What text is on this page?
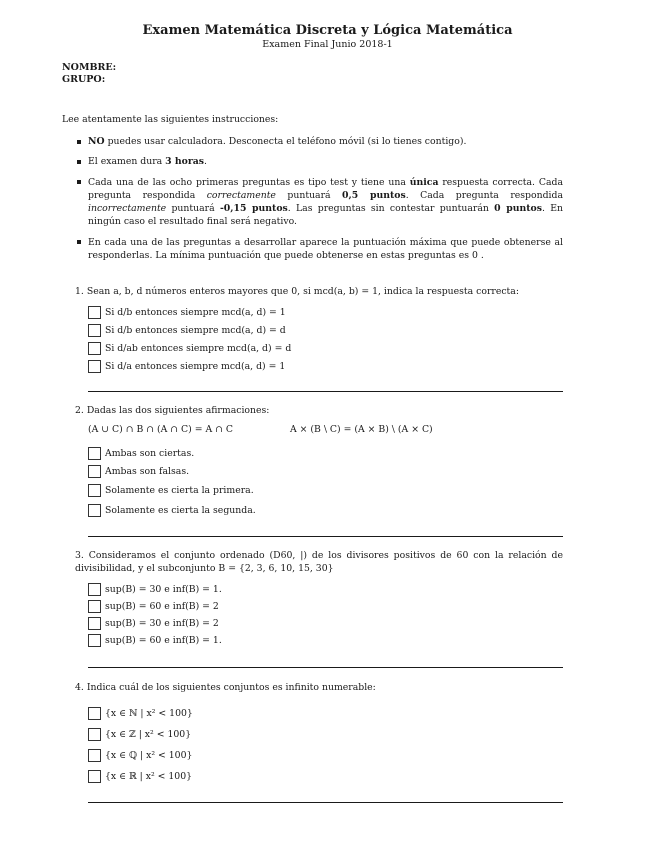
Examen Matemática Discreta y Lógica Matemática
Examen Final Junio 2018-1
NOMBRE:
GRUPO:
Lee atentamente las siguientes instrucciones:
NO puedes usar calculadora. Desconecta el teléfono móvil (si lo tienes contigo).
El examen dura 3 horas.
Cada una de las ocho primeras preguntas es tipo test y tiene una única respuesta correcta. Cada pregunta respondida correctamente puntuará 0,5 puntos. Cada pregunta respondida incorrectamente puntuará -0,15 puntos. Las preguntas sin contestar puntuarán 0 puntos. En ningún caso el resultado final será negativo.
En cada una de las preguntas a desarrollar aparece la puntuación máxima que puede obtenerse al responderlas. La mínima puntuación que puede obtenerse en estas preguntas es 0 .
1. Sean a, b, d números enteros mayores que 0, si mcd(a, b) = 1, indica la respuesta correcta:
Si d/b entonces siempre mcd(a, d) = 1
Si d/b entonces siempre mcd(a, d) = d
Si d/ab entonces siempre mcd(a, d) = d
Si d/a entonces siempre mcd(a, d) = 1
2. Dadas las dos siguientes afirmaciones:
(A ∪ C) ∩ B ∩ (A ∩ C) = A ∩ C	A × (B \ C) = (A × B) \ (A × C)
Ambas son ciertas.
Ambas son falsas.
Solamente es cierta la primera.
Solamente es cierta la segunda.
3. Consideramos el conjunto ordenado (D60, |) de los divisores positivos de 60 con la relación de divisibilidad, y el subconjunto B = {2, 3, 6, 10, 15, 30}
sup(B) = 30 e inf(B) = 1.
sup(B) = 60 e inf(B) = 2
sup(B) = 30 e inf(B) = 2
sup(B) = 60 e inf(B) = 1.
4. Indica cuál de los siguientes conjuntos es infinito numerable:
{x ∈ ℕ | x² < 100}
{x ∈ ℤ | x² < 100}
{x ∈ ℚ | x² < 100}
{x ∈ ℝ | x² < 100}
